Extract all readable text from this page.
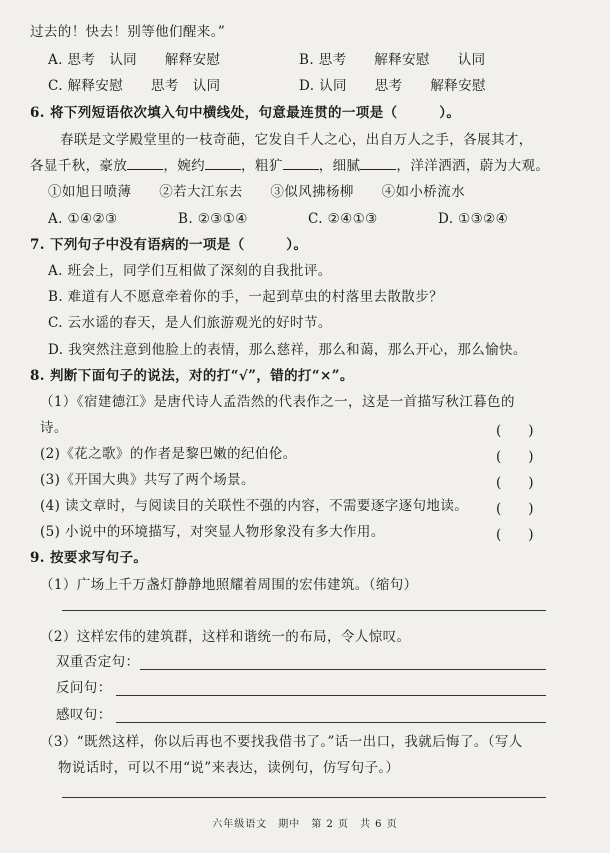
过去的！快去！别等他们醒来。”
A. 思考　认同　　解释安慰	B. 思考　　解释安慰　　认同
C. 解释安慰　　思考　认同	D. 认同　　思考　　解释安慰
6. 将下列短语依次填入句中横线处，句意最连贯的一项是（　　　）。
春联是文学殿堂里的一枝奇葩，它发自千人之心，出自万人之手，各展其才，
各显千秋，豪放	，婉约	，粗犷	，细腻	，洋洋洒洒，蔚为大观。
①如旭日喷薄　　②若大江东去　　③似风拂杨柳　　④如小桥流水
A. ①④②③	B. ②③①④	C. ②④①③	D. ①③②④
7. 下列句子中没有语病的一项是（　　　）。
A. 班会上，同学们互相做了深刻的自我批评。
B. 难道有人不愿意牵着你的手，一起到草虫的村落里去散散步？
C. 云水谣的春天，是人们旅游观光的好时节。
D. 我突然注意到他脸上的表情，那么慈祥，那么和蔼，那么开心，那么愉快。
8. 判断下面句子的说法，对的打“√”，错的打“×”。
（1）《宿建德江》是唐代诗人孟浩然的代表作之一，这是一首描写秋江暮色的
诗。	(　　)
(2)《花之歌》的作者是黎巴嫩的纪伯伦。	(　　)
(3)《开国大典》共写了两个场景。	(　　)
(4) 读文章时，与阅读目的关联性不强的内容，不需要逐字逐句地读。 (　　)
(5) 小说中的环境描写，对突显人物形象没有多大作用。	(　　)
9. 按要求写句子。
（1）广场上千万盏灯静静地照耀着周围的宏伟建筑。（缩句）
（2）这样宏伟的建筑群，这样和谐统一的布局，令人惊叹。
双重否定句：
反问句：
感叹句：
（3）“既然这样，你以后再也不要找我借书了。”话一出口，我就后悔了。（写人
物说话时，可以不用“说”来表达，读例句，仿写句子。）
六年级语文　期中　第 2 页　共 6 页
